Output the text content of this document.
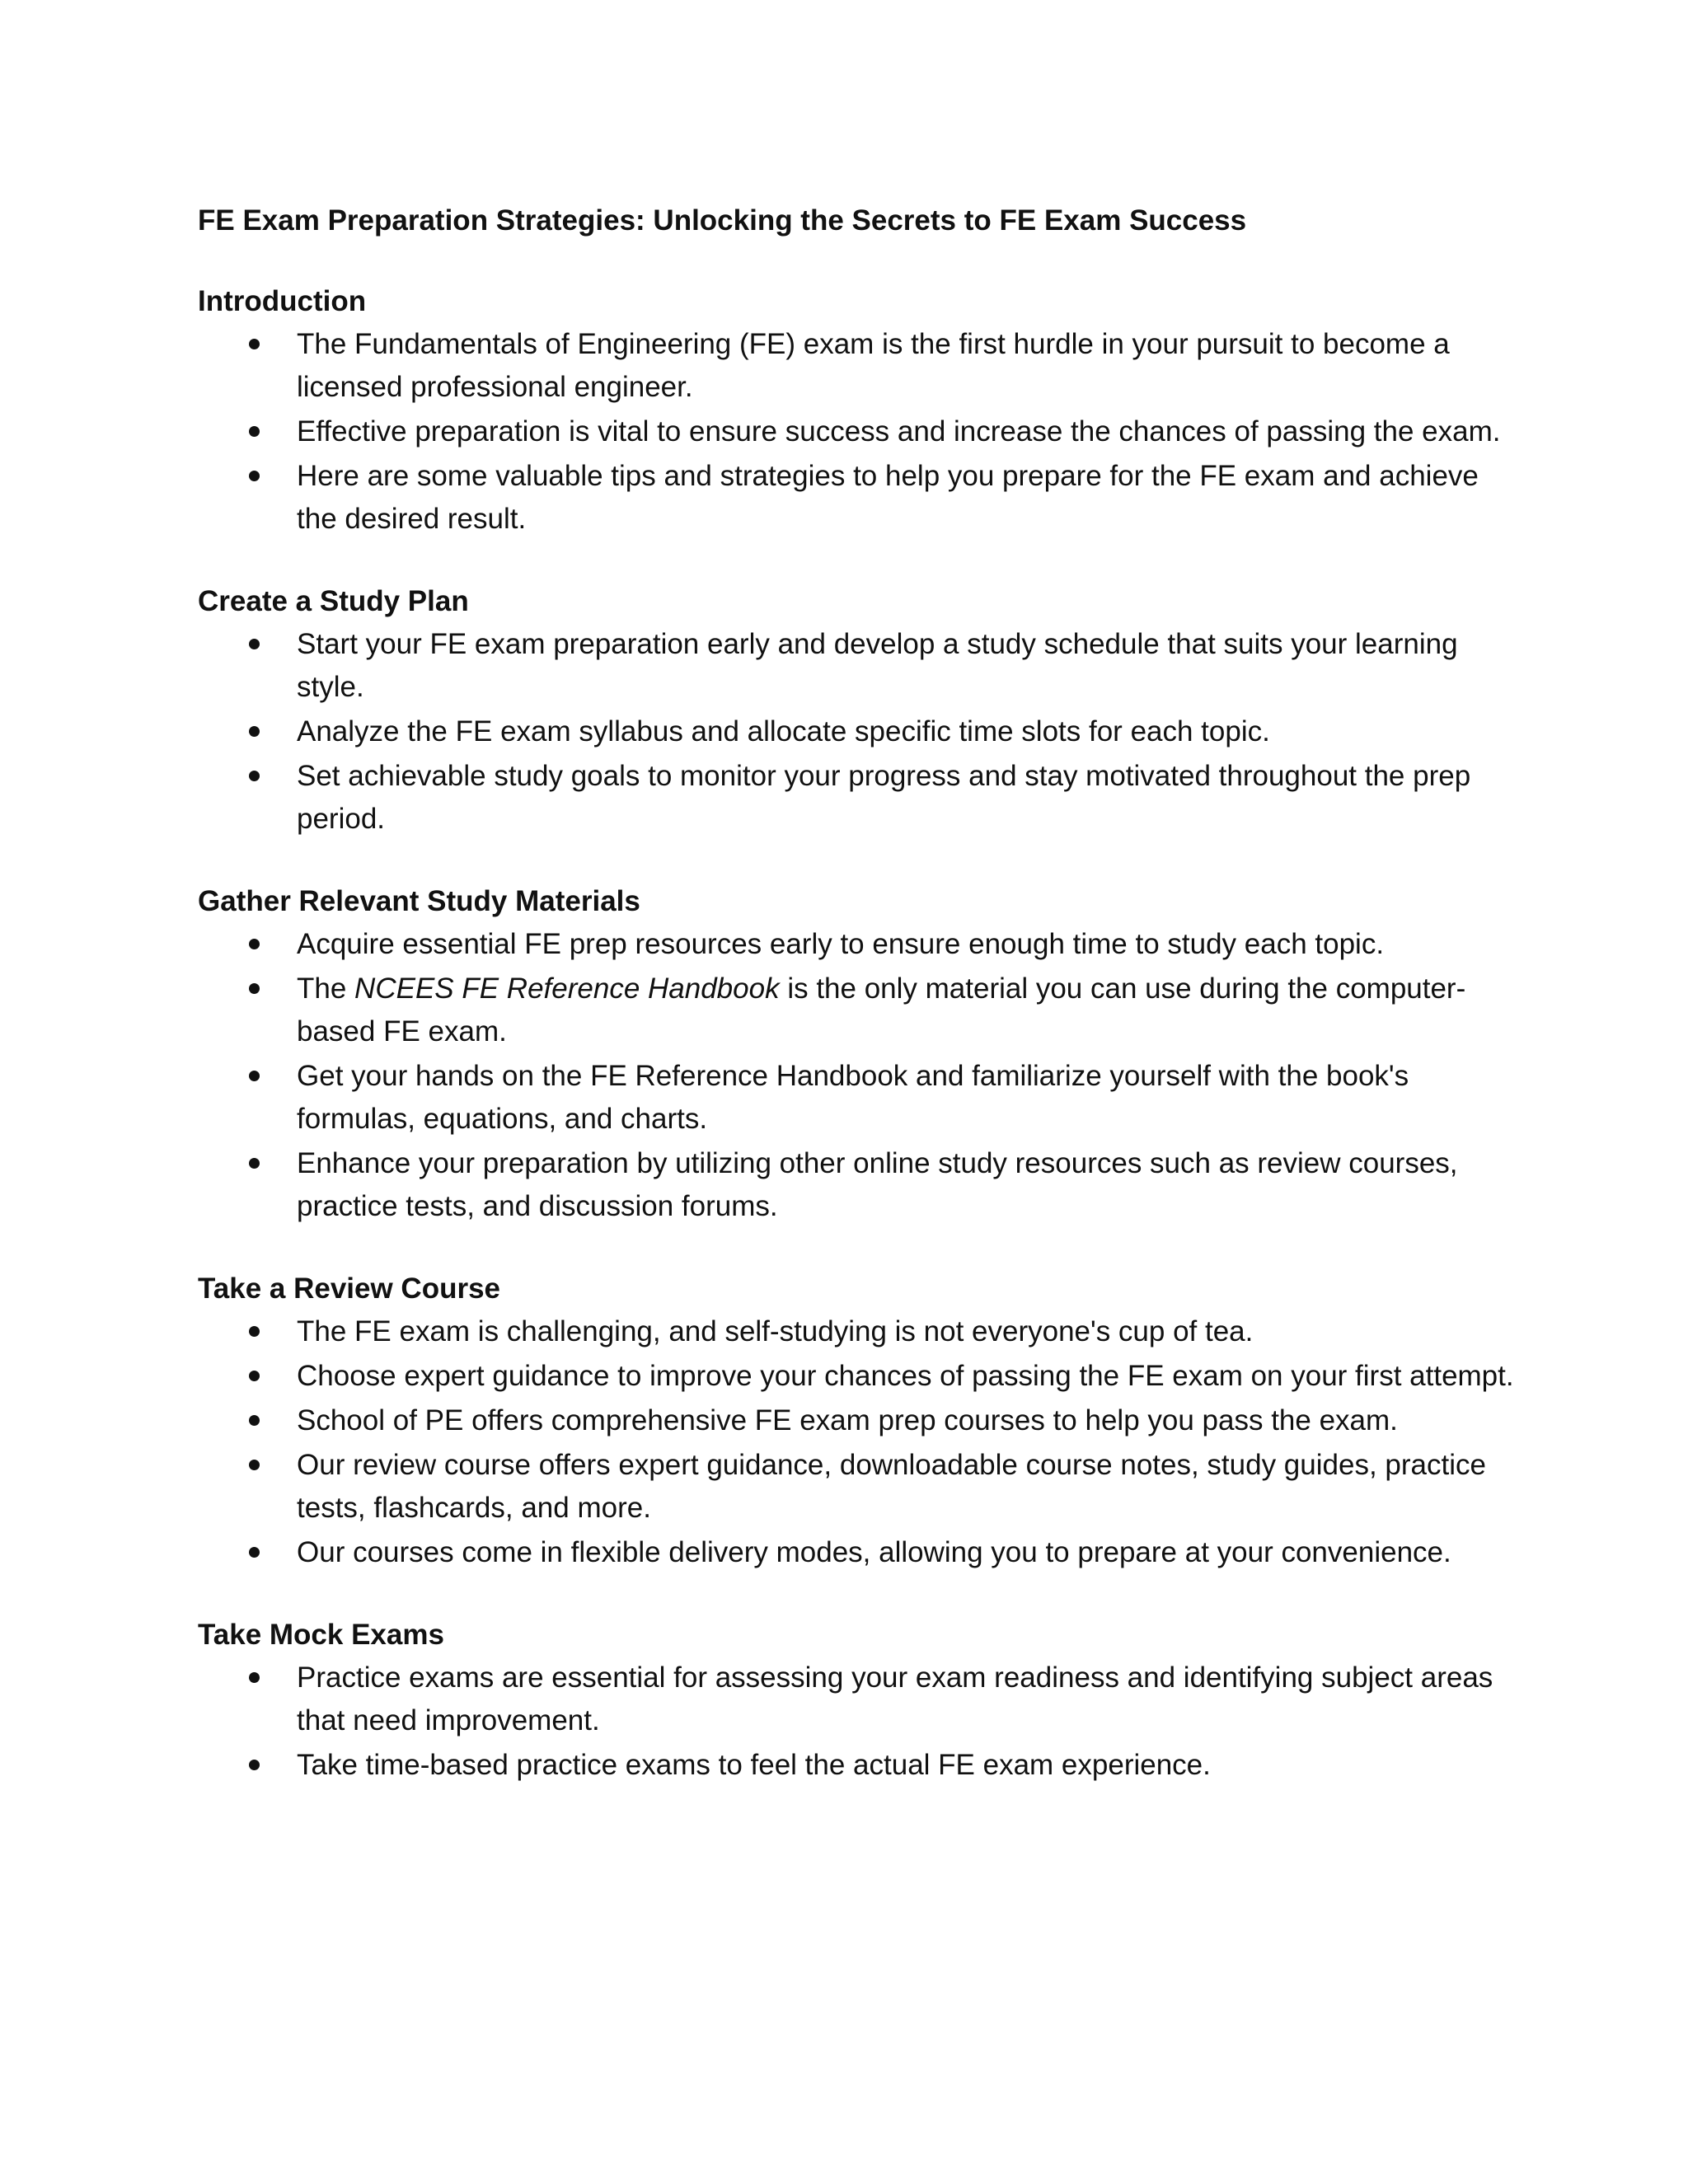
FE Exam Preparation Strategies: Unlocking the Secrets to FE Exam Success
Introduction
The Fundamentals of Engineering (FE) exam is the first hurdle in your pursuit to become a licensed professional engineer.
Effective preparation is vital to ensure success and increase the chances of passing the exam.
Here are some valuable tips and strategies to help you prepare for the FE exam and achieve the desired result.
Create a Study Plan
Start your FE exam preparation early and develop a study schedule that suits your learning style.
Analyze the FE exam syllabus and allocate specific time slots for each topic.
Set achievable study goals to monitor your progress and stay motivated throughout the prep period.
Gather Relevant Study Materials
Acquire essential FE prep resources early to ensure enough time to study each topic.
The NCEES FE Reference Handbook is the only material you can use during the computer-based FE exam.
Get your hands on the FE Reference Handbook and familiarize yourself with the book's formulas, equations, and charts.
Enhance your preparation by utilizing other online study resources such as review courses, practice tests, and discussion forums.
Take a Review Course
The FE exam is challenging, and self-studying is not everyone's cup of tea.
Choose expert guidance to improve your chances of passing the FE exam on your first attempt.
School of PE offers comprehensive FE exam prep courses to help you pass the exam.
Our review course offers expert guidance, downloadable course notes, study guides, practice tests, flashcards, and more.
Our courses come in flexible delivery modes, allowing you to prepare at your convenience.
Take Mock Exams
Practice exams are essential for assessing your exam readiness and identifying subject areas that need improvement.
Take time-based practice exams to feel the actual FE exam experience.
